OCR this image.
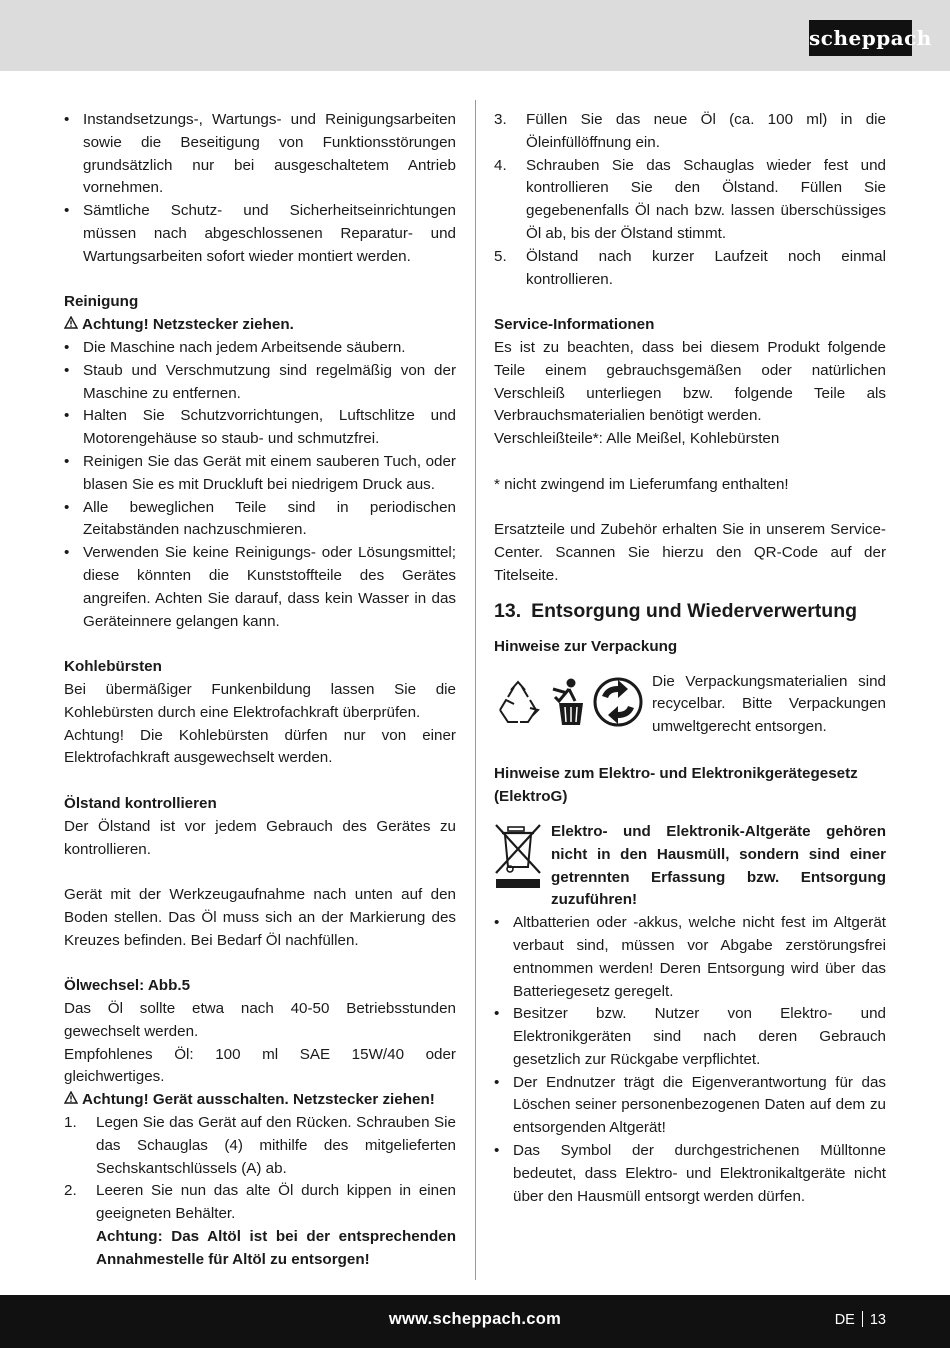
scheppach
• Instandsetzungs-, Wartungs- und Reinigungsarbeiten sowie die Beseitigung von Funktionsstörungen grundsätzlich nur bei ausgeschaltetem Antrieb vornehmen.
• Sämtliche Schutz- und Sicherheitseinrichtungen müssen nach abgeschlossenen Reparatur- und Wartungsarbeiten sofort wieder montiert werden.
Reinigung
Achtung! Netzstecker ziehen.
• Die Maschine nach jedem Arbeitsende säubern.
• Staub und Verschmutzung sind regelmäßig von der Maschine zu entfernen.
• Halten Sie Schutzvorrichtungen, Luftschlitze und Motorengehäuse so staub- und schmutzfrei.
• Reinigen Sie das Gerät mit einem sauberen Tuch, oder blasen Sie es mit Druckluft bei niedrigem Druck aus.
• Alle beweglichen Teile sind in periodischen Zeitabständen nachzuschmieren.
• Verwenden Sie keine Reinigungs- oder Lösungsmittel; diese könnten die Kunststoffteile des Gerätes angreifen. Achten Sie darauf, dass kein Wasser in das Geräteinnere gelangen kann.
Kohlebürsten

Bei übermäßiger Funkenbildung lassen Sie die Kohlebürsten durch eine Elektrofachkraft überprüfen.

Achtung! Die Kohlebürsten dürfen nur von einer Elektrofachkraft ausgewechselt werden.

Ölstand kontrollieren

Der Ölstand ist vor jedem Gebrauch des Gerätes zu kontrollieren.

Gerät mit der Werkzeugaufnahme nach unten auf den Boden stellen. Das Öl muss sich an der Markierung des Kreuzes befinden. Bei Bedarf Öl nachfüllen.

Ölwechsel: Abb.5

Das Öl sollte etwa nach 40-50 Betriebsstunden gewechselt werden.

Empfohlenes Öl: 100 ml SAE 15W/40 oder gleichwertiges.

Achtung! Gerät ausschalten. Netzstecker ziehen!

1. Legen Sie das Gerät auf den Rücken. Schrauben Sie das Schauglas (4) mithilfe des mitgelieferten Sechskantschlüssels (A) ab.
2. Leeren Sie nun das alte Öl durch kippen in einen geeigneten Behälter.
Achtung: Das Altöl ist bei der entsprechenden Annahmestelle für Altöl zu entsorgen!
3. Füllen Sie das neue Öl (ca. 100 ml) in die Öleinfüllöffnung ein.
4. Schrauben Sie das Schauglas wieder fest und kontrollieren Sie den Ölstand. Füllen Sie gegebenenfalls Öl nach bzw. lassen überschüssiges Öl ab, bis der Ölstand stimmt.
5. Ölstand nach kurzer Laufzeit noch einmal kontrollieren.
Service-Informationen

Es ist zu beachten, dass bei diesem Produkt folgende Teile einem gebrauchsgemäßen oder natürlichen Verschleiß unterliegen bzw. folgende Teile als Verbrauchsmaterialien benötigt werden.

Verschleißteile*: Alle Meißel, Kohlebürsten

* nicht zwingend im Lieferumfang enthalten!

Ersatzteile und Zubehör erhalten Sie in unserem Service-Center. Scannen Sie hierzu den QR-Code auf der Titelseite.

13. Entsorgung und Wiederverwertung
Hinweise zur Verpackung

Die Verpackungsmaterialien sind recycelbar. Bitte Verpackungen umweltgerecht entsorgen.

Hinweise zum Elektro- und Elektronikgerätegesetz (ElektroG)

Elektro- und Elektronik-Altgeräte gehören nicht in den Hausmüll, sondern sind einer getrennten Erfassung bzw. Entsorgung zuzuführen!

• Altbatterien oder -akkus, welche nicht fest im Altgerät verbaut sind, müssen vor Abgabe zerstörungsfrei entnommen werden! Deren Entsorgung wird über das Batteriegesetz geregelt.
• Besitzer bzw. Nutzer von Elektro- und Elektronikgeräten sind nach deren Gebrauch gesetzlich zur Rückgabe verpflichtet.
• Der Endnutzer trägt die Eigenverantwortung für das Löschen seiner personenbezogenen Daten auf dem zu entsorgenden Altgerät!
• Das Symbol der durchgestrichenen Mülltonne bedeutet, dass Elektro- und Elektronikaltgeräte nicht über den Hausmüll entsorgt werden dürfen.
www.scheppach.com	DE 13
